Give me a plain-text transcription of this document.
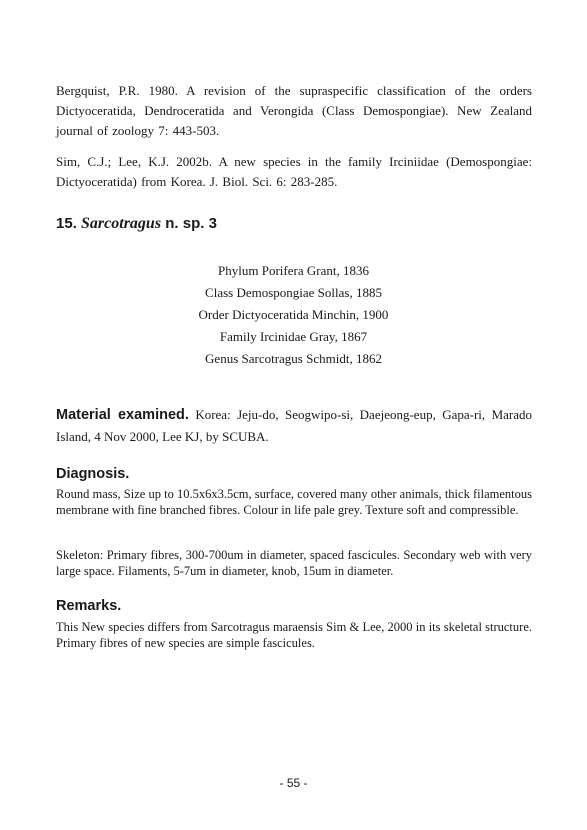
Bergquist, P.R. 1980. A revision of the supraspecific classification of the orders Dictyoceratida, Dendroceratida and Verongida (Class Demospongiae). New Zealand journal of zoology 7: 443-503.
Sim, C.J.; Lee, K.J. 2002b. A new species in the family Irciniidae (Demospongiae: Dictyoceratida) from Korea. J. Biol. Sci. 6: 283-285.
15. Sarcotragus n. sp. 3
Phylum Porifera Grant, 1836
Class Demospongiae Sollas, 1885
Order Dictyoceratida Minchin, 1900
Family Ircinidae Gray, 1867
Genus Sarcotragus Schmidt, 1862
Material examined. Korea: Jeju-do, Seogwipo-si, Daejeong-eup, Gapa-ri, Marado Island, 4 Nov 2000, Lee KJ, by SCUBA.
Diagnosis.
Round mass, Size up to 10.5x6x3.5cm, surface, covered many other animals, thick filamentous membrane with fine branched fibres. Colour in life pale grey. Texture soft and compressible.
Skeleton: Primary fibres, 300-700um in diameter, spaced fascicules. Secondary web with very large space. Filaments, 5-7um in diameter, knob, 15um in diameter.
Remarks.
This New species differs from Sarcotragus maraensis Sim & Lee, 2000 in its skeletal structure. Primary fibres of new species are simple fascicules.
- 55 -
